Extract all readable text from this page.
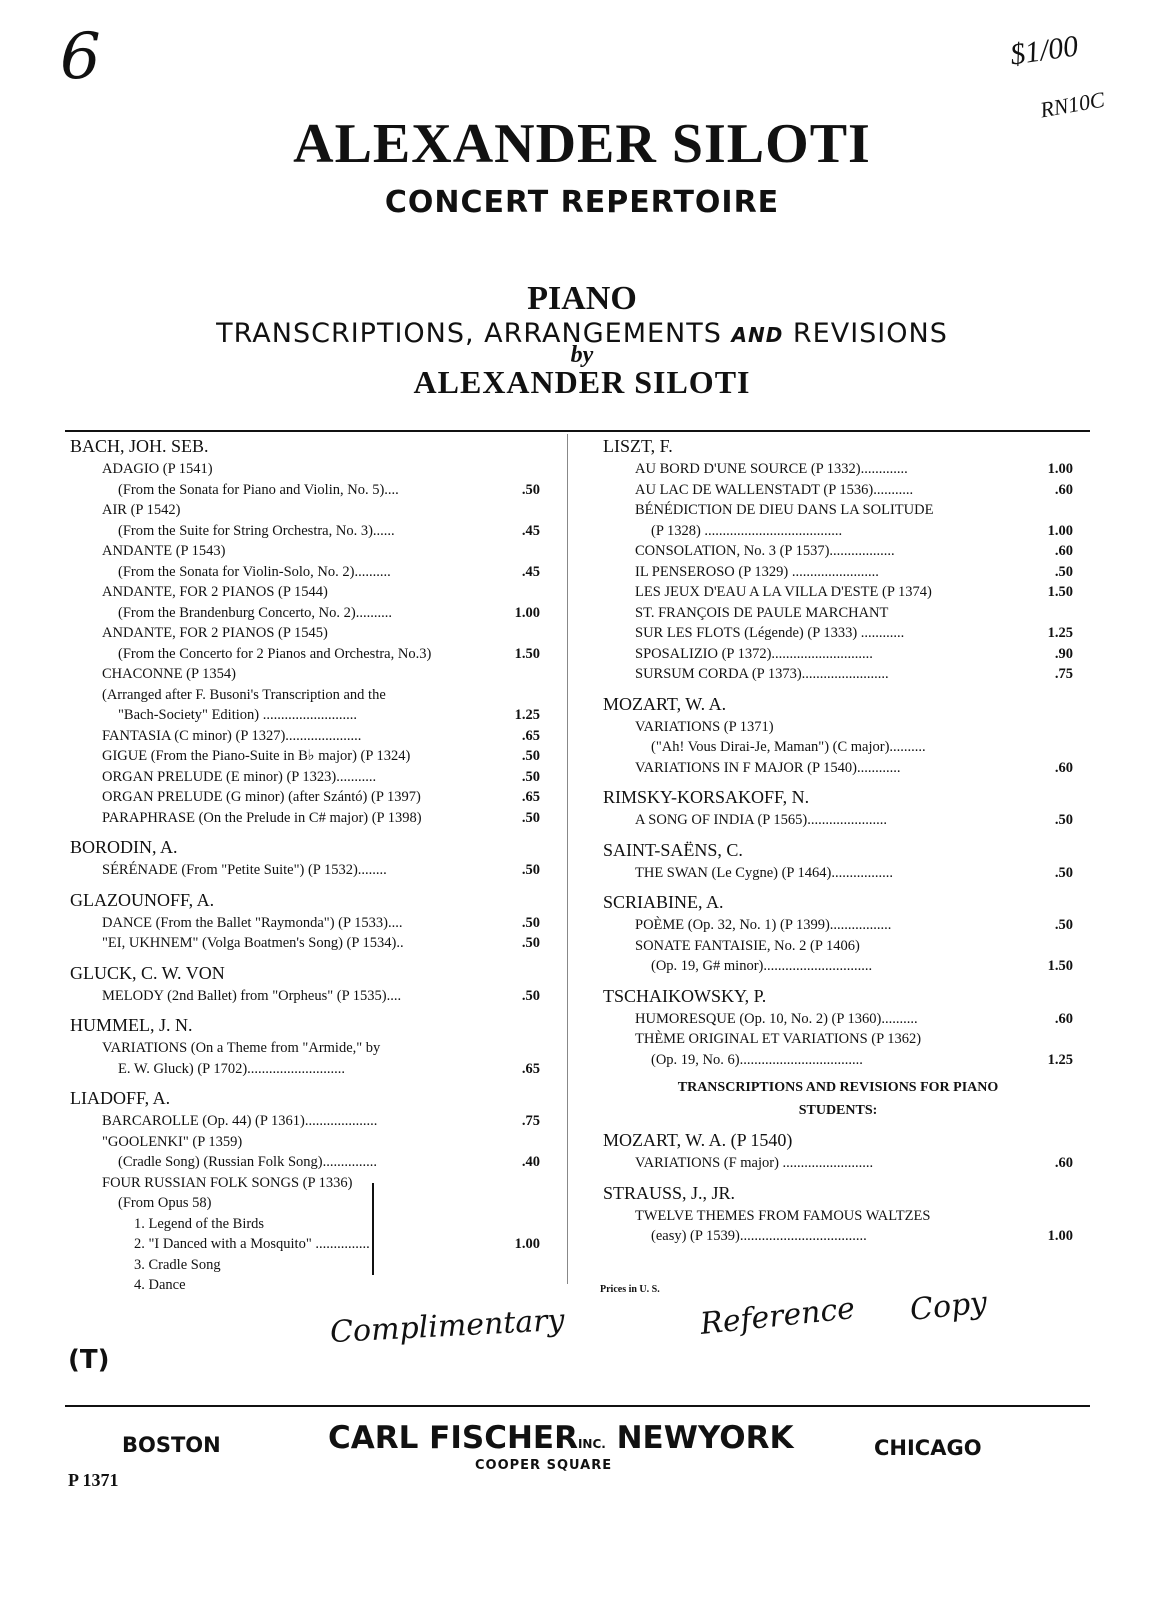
6	$1/00
RN10C
ALEXANDER SILOTI
CONCERT REPERTOIRE
PIANO
TRANSCRIPTIONS, ARRANGEMENTS AND REVISIONS
by
ALEXANDER SILOTI
BACH, JOH. SEB.
ADAGIO (P 1541)
(From the Sonata for Piano and Violin, No. 5)....	.50
AIR (P 1542)
(From the Suite for String Orchestra, No. 3)......	.45
ANDANTE (P 1543)
(From the Sonata for Violin-Solo, No. 2)..........	.45
ANDANTE, FOR 2 PIANOS (P 1544)
(From the Brandenburg Concerto, No. 2)..........	1.00
ANDANTE, FOR 2 PIANOS (P 1545)
(From the Concerto for 2 Pianos and Orchestra, No.3)	1.50
CHACONNE (P 1354)
(Arranged after F. Busoni's Transcription and the
"Bach-Society" Edition) ..........................	1.25
FANTASIA (C minor) (P 1327).....................	.65
GIGUE (From the Piano-Suite in B♭ major) (P 1324)	.50
ORGAN PRELUDE (E minor) (P 1323)...........	.50
ORGAN PRELUDE (G minor) (after Szántó) (P 1397)	.65
PARAPHRASE (On the Prelude in C# major) (P 1398)	.50
BORODIN, A.
SÉRÉNADE (From "Petite Suite") (P 1532)........	.50
GLAZOUNOFF, A.
DANCE (From the Ballet "Raymonda") (P 1533)....	.50
"EI, UKHNEM" (Volga Boatmen's Song) (P 1534)..	.50
GLUCK, C. W. VON
MELODY (2nd Ballet) from "Orpheus" (P 1535)....	.50
HUMMEL, J. N.
VARIATIONS (On a Theme from "Armide," by
E. W. Gluck) (P 1702)...........................	.65
LIADOFF, A.
BARCAROLLE (Op. 44) (P 1361)....................	.75
"GOOLENKI" (P 1359)
(Cradle Song) (Russian Folk Song)...............	.40
FOUR RUSSIAN FOLK SONGS (P 1336)
(From Opus 58)
1. Legend of the Birds
2. "I Danced with a Mosquito" ...............	1.00
3. Cradle Song
4. Dance
LISZT, F.
AU BORD D'UNE SOURCE (P 1332).............	1.00
AU LAC DE WALLENSTADT (P 1536)...........	.60
BÉNÉDICTION DE DIEU DANS LA SOLITUDE
(P 1328) ......................................	1.00
CONSOLATION, No. 3 (P 1537)..................	.60
IL PENSEROSO (P 1329) ........................	.50
LES JEUX D'EAU A LA VILLA D'ESTE (P 1374)	1.50
ST. FRANÇOIS DE PAULE MARCHANT
SUR LES FLOTS (Légende) (P 1333) ............	1.25
SPOSALIZIO (P 1372)............................	.90
SURSUM CORDA (P 1373)........................	.75
MOZART, W. A.
VARIATIONS (P 1371)
("Ah! Vous Dirai-Je, Maman") (C major)..........
VARIATIONS IN F MAJOR (P 1540)............	.60
RIMSKY-KORSAKOFF, N.
A SONG OF INDIA (P 1565)......................	.50
SAINT-SAËNS, C.
THE SWAN (Le Cygne) (P 1464).................	.50
SCRIABINE, A.
POÈME (Op. 32, No. 1) (P 1399).................	.50
SONATE FANTAISIE, No. 2 (P 1406)
(Op. 19, G# minor)..............................	1.50
TSCHAIKOWSKY, P.
HUMORESQUE (Op. 10, No. 2) (P 1360)..........	.60
THÈME ORIGINAL ET VARIATIONS (P 1362)
(Op. 19, No. 6)..................................	1.25
TRANSCRIPTIONS AND REVISIONS FOR PIANO
STUDENTS:
MOZART, W. A. (P 1540)
VARIATIONS (F major) .........................	.60
STRAUSS, J., JR.
TWELVE THEMES FROM FAMOUS WALTZES
(easy) (P 1539)...................................	1.00
Prices in U. S.
Complimentary	Reference Copy
(T)
BOSTON	CARL FISCHERINC. NEWYORK
COOPER SQUARE
CHICAGO
P 1371
